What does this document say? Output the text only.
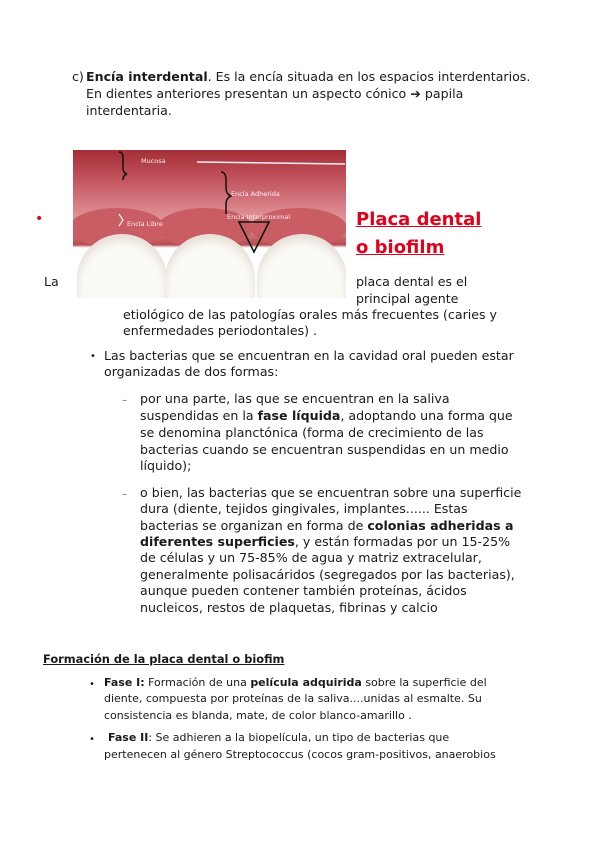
c) Encía interdental. Es la encía situada en los espacios interdentarios.
En dientes anteriores presentan un aspecto cónico ➔ papila
interdentaria.
Mucosa
Encía Adherida
Encía Interproximal
Encía Libre
•	Placa dental
o biofilm
La	placa dental es el
principal agente
etiológico de las patologías orales más frecuentes (caries y
enfermedades periodontales) .
• Las bacterias que se encuentran en la cavidad oral pueden estar
organizadas de dos formas:
– por una parte, las que se encuentran en la saliva
suspendidas en la fase líquida, adoptando una forma que
se denomina planctónica (forma de crecimiento de las
bacterias cuando se encuentran suspendidas en un medio
líquido);
– o bien, las bacterias que se encuentran sobre una superficie
dura (diente, tejidos gingivales, implantes...... Estas
bacterias se organizan en forma de colonias adheridas a
diferentes superficies, y están formadas por un 15-25%
de células y un 75-85% de agua y matriz extracelular,
generalmente polisacáridos (segregados por las bacterias),
aunque pueden contener también proteínas, ácidos
nucleicos, restos de plaquetas, fibrinas y calcio
Formación de la placa dental o biofim
• Fase I: Formación de una película adquirida sobre la superficie del
diente, compuesta por proteínas de la saliva....unidas al esmalte. Su
consistencia es blanda, mate, de color blanco-amarillo .
• Fase II: Se adhieren a la biopelícula, un tipo de bacterias que
pertenecen al género Streptococcus (cocos gram-positivos, anaerobios
